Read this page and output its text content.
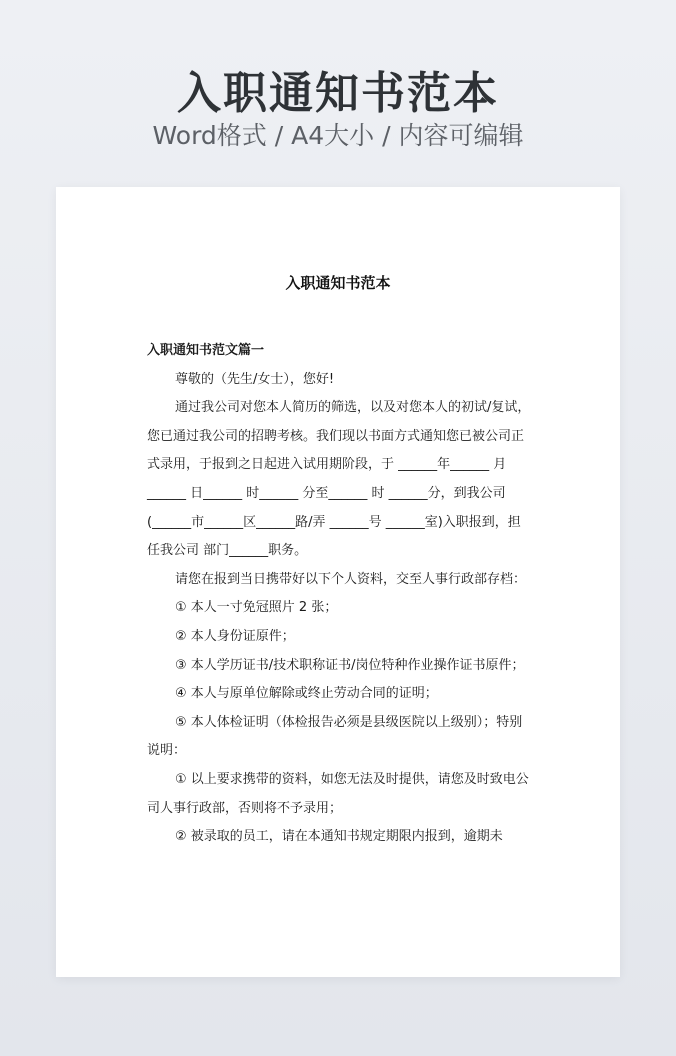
入职通知书范本
Word格式 / A4大小 / 内容可编辑
入职通知书范本

入职通知书范文篇一

尊敬的（先生/女士），您好!

通过我公司对您本人简历的筛选，以及对您本人的初试/复试，您已通过我公司的招聘考核。我们现以书面方式通知您已被公司正式录用，于报到之日起进入试用期阶段，于 ______年______ 月______ 日______ 时______ 分至______ 时 ______分，到我公司(______市______区______路/弄 ______号 ______室)入职报到，担任我公司 部门______职务。

请您在报到当日携带好以下个人资料，交至人事行政部存档：

① 本人一寸免冠照片 2 张；

② 本人身份证原件；

③ 本人学历证书/技术职称证书/岗位特种作业操作证书原件；

④ 本人与原单位解除或终止劳动合同的证明；

⑤ 本人体检证明（体检报告必须是县级医院以上级别）；特别说明：

① 以上要求携带的资料，如您无法及时提供，请您及时致电公司人事行政部，否则将不予录用；

② 被录取的员工，请在本通知书规定期限内报到，逾期未
